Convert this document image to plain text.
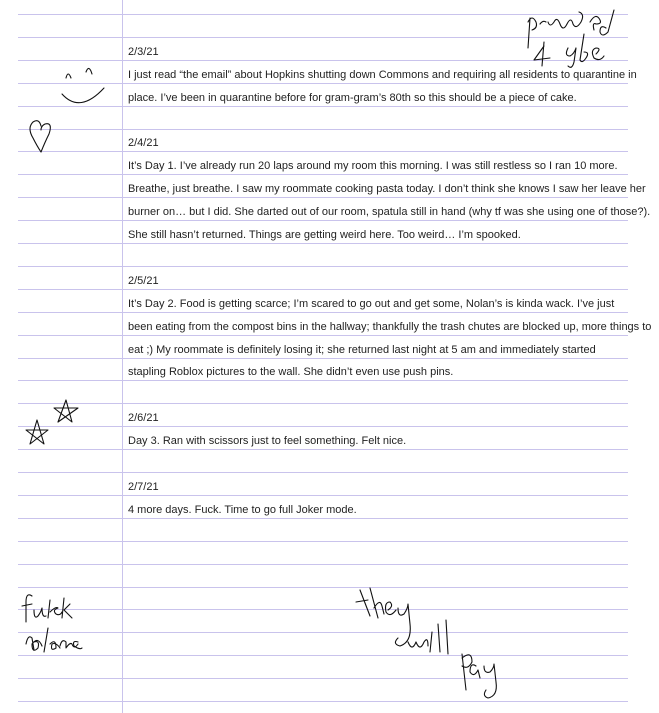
2/3/21
I just read “the email” about Hopkins shutting down Commons and requiring all residents to quarantine in
place. I’ve been in quarantine before for gram-gram’s 80th so this should be a piece of cake.
2/4/21
It’s Day 1. I’ve already run 20 laps around my room this morning. I was still restless so I ran 10 more.
Breathe, just breathe. I saw my roommate cooking pasta today. I don’t think she knows I saw her leave her
burner on… but I did. She darted out of our room, spatula still in hand (why tf was she using one of those?).
She still hasn’t returned. Things are getting weird here. Too weird… I’m spooked.
2/5/21
It’s Day 2. Food is getting scarce; I’m scared to go out and get some, Nolan’s is kinda wack. I’ve just
been eating from the compost bins in the hallway; thankfully the trash chutes are blocked up, more things to
eat ;) My roommate is definitely losing it; she returned last night at 5 am and immediately started
stapling Roblox pictures to the wall. She didn’t even use push pins.
2/6/21
Day 3. Ran with scissors just to feel something. Felt nice.
2/7/21
4 more days. Fuck. Time to go full Joker mode.
